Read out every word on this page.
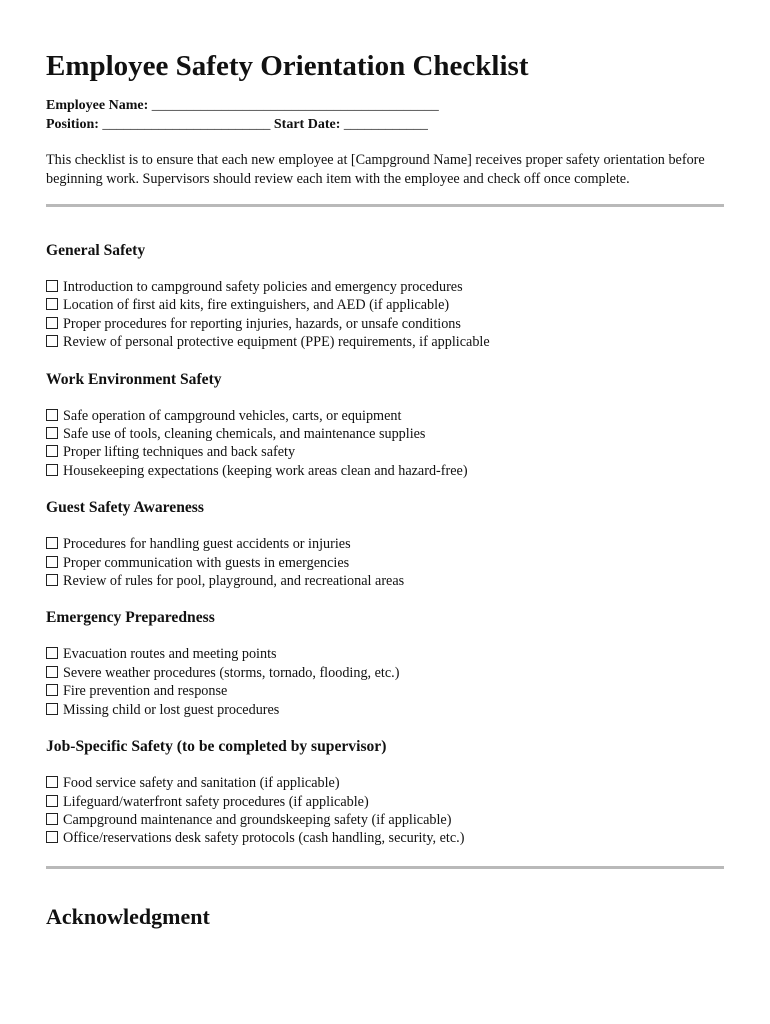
Employee Safety Orientation Checklist
Employee Name: _________________________________________
Position: ________________________ Start Date: ____________

This checklist is to ensure that each new employee at [Campground Name] receives proper safety orientation before beginning work. Supervisors should review each item with the employee and check off once complete.

General Safety
Introduction to campground safety policies and emergency procedures
Location of first aid kits, fire extinguishers, and AED (if applicable)
Proper procedures for reporting injuries, hazards, or unsafe conditions
Review of personal protective equipment (PPE) requirements, if applicable
Work Environment Safety
Safe operation of campground vehicles, carts, or equipment
Safe use of tools, cleaning chemicals, and maintenance supplies
Proper lifting techniques and back safety
Housekeeping expectations (keeping work areas clean and hazard-free)
Guest Safety Awareness
Procedures for handling guest accidents or injuries
Proper communication with guests in emergencies
Review of rules for pool, playground, and recreational areas
Emergency Preparedness
Evacuation routes and meeting points
Severe weather procedures (storms, tornado, flooding, etc.)
Fire prevention and response
Missing child or lost guest procedures
Job-Specific Safety (to be completed by supervisor)
Food service safety and sanitation (if applicable)
Lifeguard/waterfront safety procedures (if applicable)
Campground maintenance and groundskeeping safety (if applicable)
Office/reservations desk safety protocols (cash handling, security, etc.)
Acknowledgment
